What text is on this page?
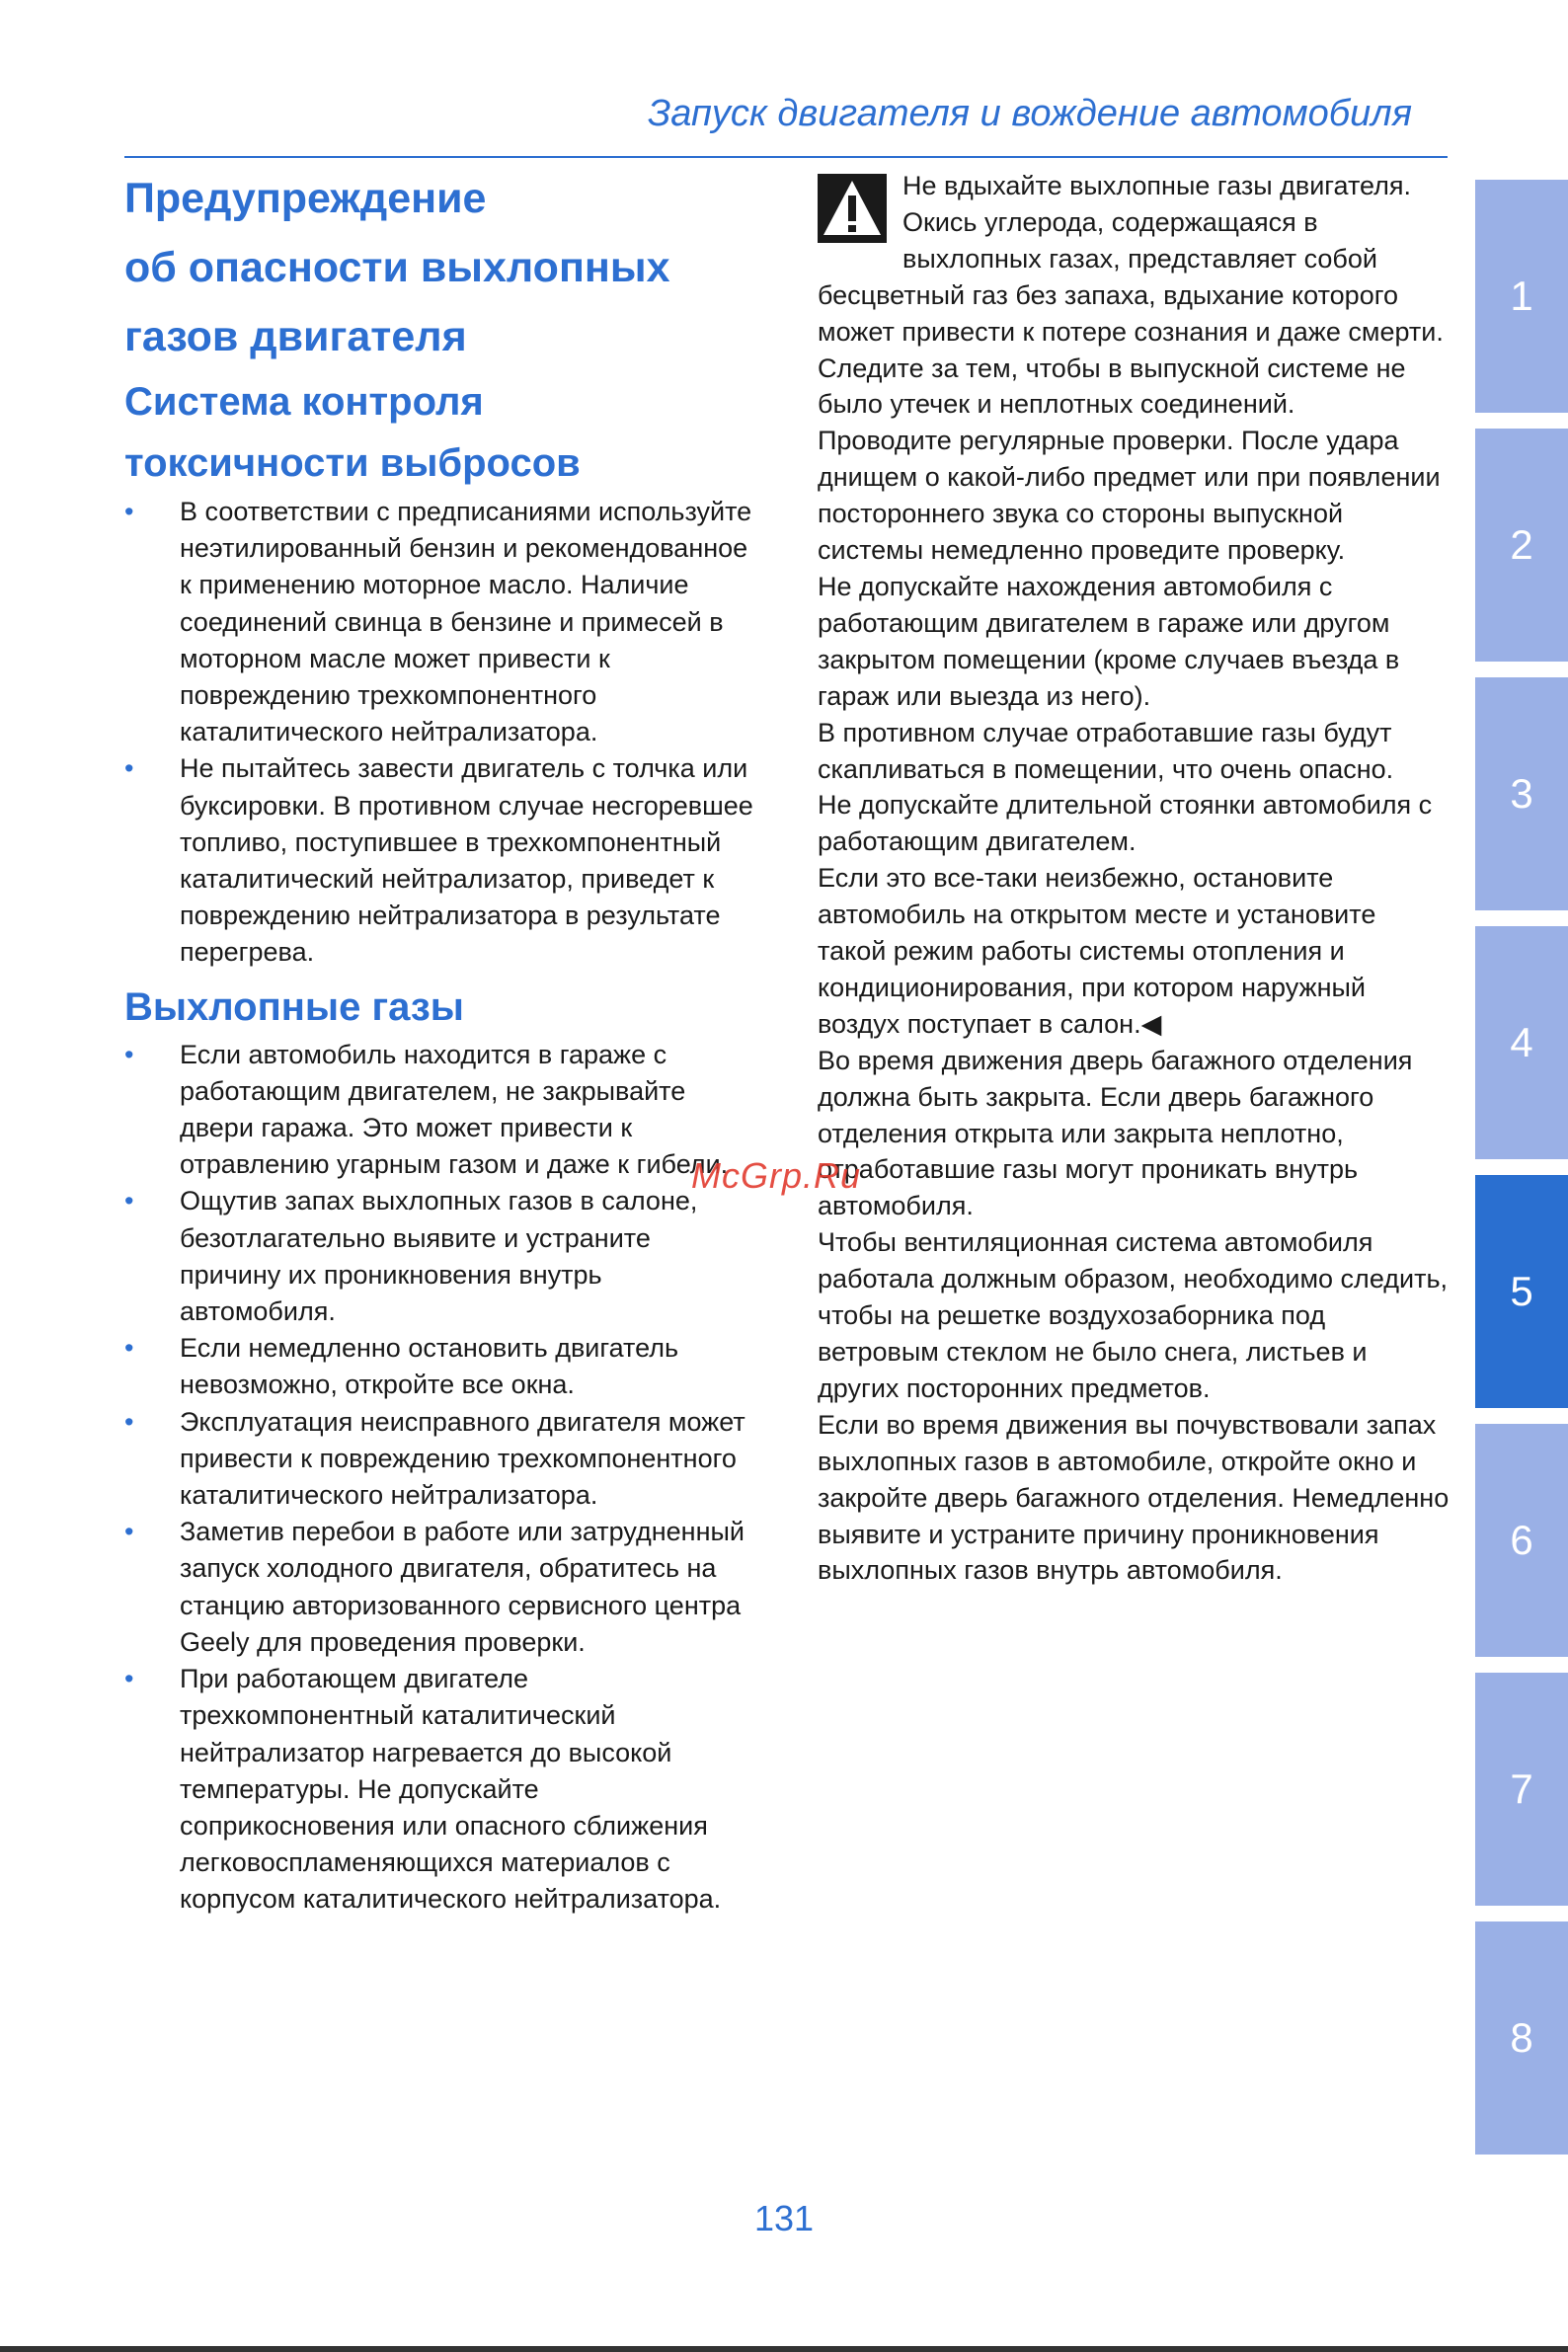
Запуск двигателя и вождение автомобиля
Предупреждение
об опасности выхлопных
газов двигателя
Система контроля
токсичности выбросов
• В соответствии с предписаниями используйте неэтилированный бензин и рекомендованное к применению моторное масло. Наличие соединений свинца в бензине и примесей в моторном масле может привести к повреждению трехкомпонентного каталитического нейтрализатора.
• Не пытайтесь завести двигатель с толчка или буксировки. В противном случае несгоревшее топливо, поступившее в трехкомпонентный каталитический нейтрализатор, приведет к повреждению нейтрализатора в результате перегрева.
Выхлопные газы
• Если автомобиль находится в гараже с работающим двигателем, не закрывайте двери гаража. Это может привести к отравлению угарным газом и даже к гибели.
• Ощутив запах выхлопных газов в салоне, безотлагательно выявите и устраните причину их проникновения внутрь автомобиля.
• Если немедленно остановить двигатель невозможно, откройте все окна.
• Эксплуатация неисправного двигателя может привести к повреждению трехкомпонентного каталитического нейтрализатора.
• Заметив перебои в работе или затрудненный запуск холодного двигателя, обратитесь на станцию авторизованного сервисного центра Geely для проведения проверки.
• При работающем двигателе трехкомпонентный каталитический нейтрализатор нагревается до высокой температуры. Не допускайте соприкосновения или опасного сближения легковоспламеняющихся материалов с корпусом каталитического нейтрализатора.

Не вдыхайте выхлопные газы двигателя. Окись углерода, содержащаяся в выхлопных газах, представляет собой бесцветный газ без запаха, вдыхание которого может привести к потере сознания и даже смерти.

Следите за тем, чтобы в выпускной системе не было утечек и неплотных соединений.

Проводите регулярные проверки. После удара днищем о какой-либо предмет или при появлении постороннего звука со стороны выпускной системы немедленно проведите проверку.

Не допускайте нахождения автомобиля с работающим двигателем в гараже или другом закрытом помещении (кроме случаев въезда в гараж или выезда из него).

В противном случае отработавшие газы будут скапливаться в помещении, что очень опасно.

Не допускайте длительной стоянки автомобиля с работающим двигателем.

Если это все-таки неизбежно, остановите автомобиль на открытом месте и установите такой режим работы системы отопления и кондиционирования, при котором наружный воздух поступает в салон.◀

Во время движения дверь багажного отделения должна быть закрыта. Если дверь багажного отделения открыта или закрыта неплотно, отработавшие газы могут проникать внутрь автомобиля.

Чтобы вентиляционная система автомобиля работала должным образом, необходимо следить, чтобы на решетке воздухозаборника под ветровым стеклом не было снега, листьев и других посторонних предметов.

Если во время движения вы почувствовали запах выхлопных газов в автомобиле, откройте окно и закройте дверь багажного отделения. Немедленно выявите и устраните причину проникновения выхлопных газов внутрь автомобиля.

McGrp.Ru
1
2
3
4
5
6
7
8
131
